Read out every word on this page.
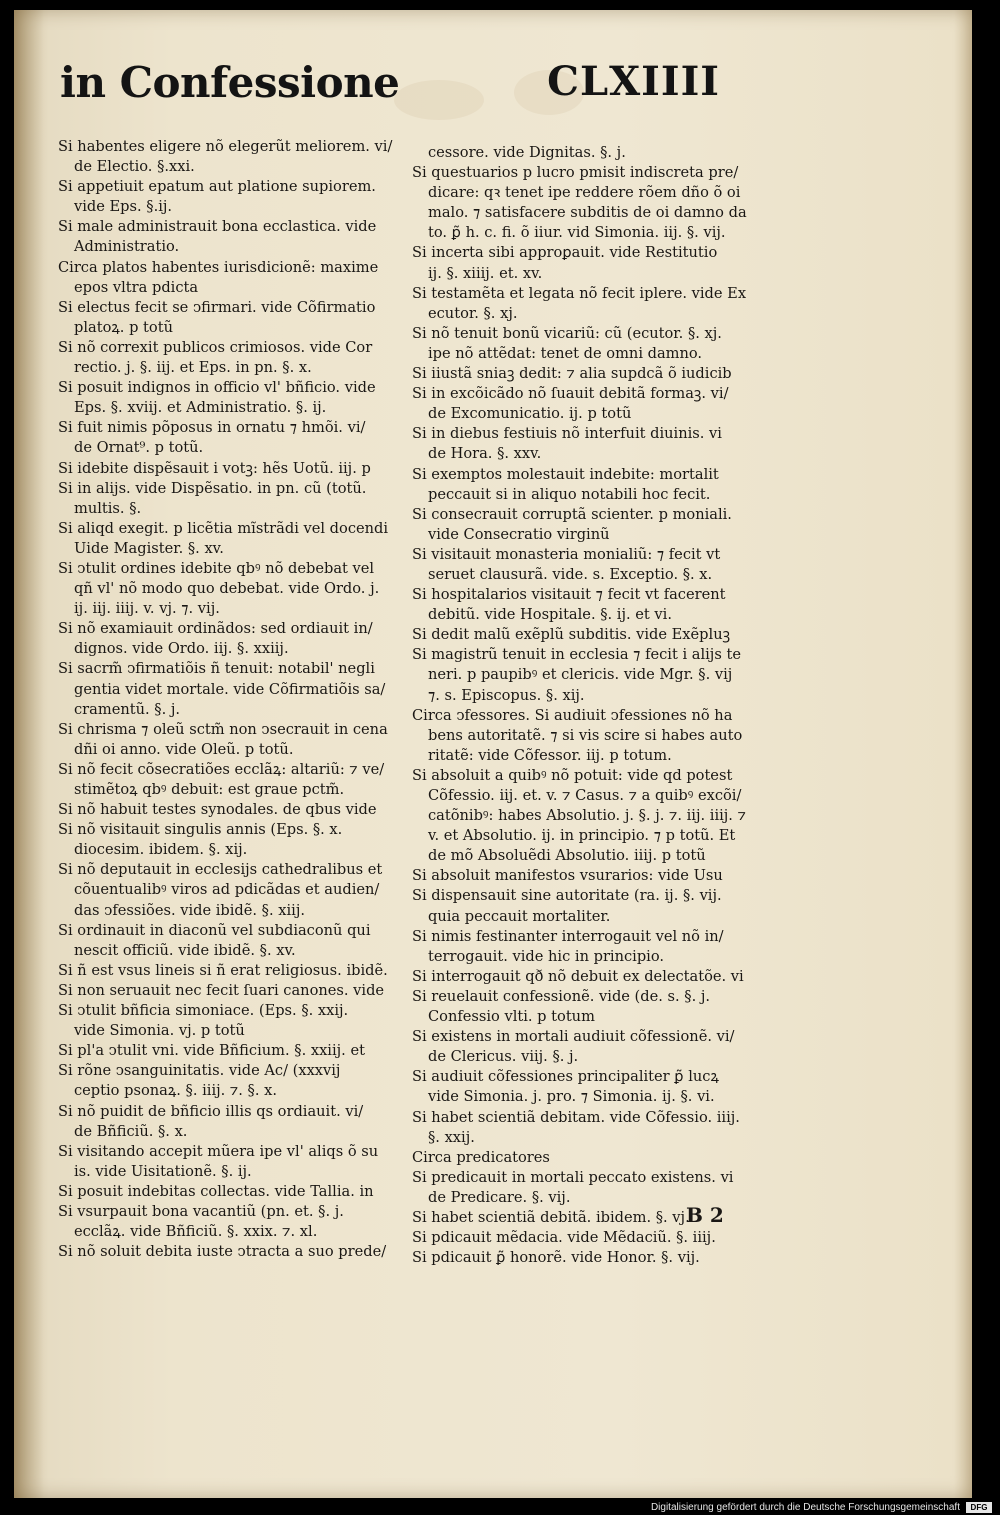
in Confessione	CLXIIII
Si habentes eligere nõ elegerũt meliorem. vi/
de Electio. §.xxi.
Si appetiuit epatum aut platione supiorem.
vide Eps. §.ij.
Si male administrauit bona ecclastica. vide
Administratio.
Circa platos habentes iurisdicionẽ: maxime
epos vltra pdicta
Si electus fecit se ↄfirmari. vide Cõfirmatio
platoꝝ. p totũ
Si nõ correxit publicos crimiosos. vide Cor
rectio. j. §. iij. et Eps. in pn. §. x.
Si posuit indignos in officio vl' bñficio. vide
Eps. §. xviij. et Administratio. §. ij.
Si fuit nimis põposus in ornatu ⁊ hmõi. vi/
de Ornat⁹. p totũ.
Si idebite dispẽsauit i votꝫ: hẽs Uotũ. iij. p
Si in alijs. vide Dispẽsatio. in pn. cũ (totũ.
multis. §.
Si aliqd exegit. p licẽtia mĩstrãdi vel docendi
Uide Magister. §. xv.
Si ↄtulit ordines idebite qbꝰ nõ debebat vel
qñ vl' nõ modo quo debebat. vide Ordo. j.
ij. iij. iiij. v. vj. ⁊. vij.
Si nõ examiauit ordinãdos: sed ordiauit in/
dignos. vide Ordo. iij. §. xxiij.
Si sacrm̃ ↄfirmatiõis ñ tenuit: notabil' negli
gentia videt mortale. vide Cõfirmatiõis sa/
cramentũ. §. j.
Si chrisma ⁊ oleũ sctm̃ non ↄsecrauit in cena
dñi oi anno. vide Oleũ. p totũ.
Si nõ fecit cõsecratiões ecclãꝝ: altariũ: ⁊ ve/
stimẽtoꝝ qbꝰ debuit: est graue pctm̃.
Si nõ habuit testes synodales. de qbus vide
Si nõ visitauit singulis annis (Eps. §. x.
diocesim. ibidem. §. xij.
Si nõ deputauit in ecclesijs cathedralibus et
cõuentualibꝰ viros ad pdicãdas et audien/
das ↄfessiões. vide ibidẽ. §. xiij.
Si ordinauit in diaconũ vel subdiaconũ qui
nescit officiũ. vide ibidẽ. §. xv.
Si ñ est vsus lineis si ñ erat religiosus. ibidẽ.
Si non seruauit nec fecit ſuari canones. vide
Si ↄtulit bñficia simoniace. (Eps. §. xxij.
vide Simonia. vj. p totũ
Si pl'a ↄtulit vni. vide Bñficium. §. xxiij. et
Si rõne ↄsanguinitatis. vide Ac/ (xxxvij
ceptio psonaꝝ. §. iiij. ⁊. §. x.
Si nõ puidit de bñficio illis qs ordiauit. vi/
de Bñficiũ. §. x.
Si visitando accepit mũera ipe vl' aliqs õ su
is. vide Uisitationẽ. §. ij.
Si posuit indebitas collectas. vide Tallia. in
Si vsurpauit bona vacantiũ (pn. et. §. j.
ecclãꝝ. vide Bñficiũ. §. xxix. ⁊. xl.
Si nõ soluit debita iuste ↄtracta a suo prede/
cessore. vide Dignitas. §. j.
Si questuarios p lucro pmisit indiscreta pre/
dicare: qꝛ tenet ipe reddere rõem dño õ oi
malo. ⁊ satisfacere subditis de oi damno da
to. ꝑ̃ h. c. fi. õ iiur. vid Simonia. iij. §. vij.
Si incerta sibi approꝑauit. vide Restitutio
ij. §. xiiij. et. xv.
Si testamẽta et legata nõ fecit iplere. vide Ex
ecutor. §. xj.
Si nõ tenuit bonũ vicariũ: cũ (ecutor. §. xj.
ipe nõ attẽdat: tenet de omni damno.
Si iiustã sniaꝫ dedit: ⁊ alia supdcã õ iudicib
Si in excõicãdo nõ ſuauit debitã formaꝫ. vi/
de Excomunicatio. ij. p totũ
Si in diebus festiuis nõ interfuit diuinis. vi
de Hora. §. xxv.
Si exemptos molestauit indebite: mortalit
peccauit si in aliquo notabili hoc fecit.
Si consecrauit corruptã scienter. p moniali.
vide Consecratio virginũ
Si visitauit monasteria monialiũ: ⁊ fecit vt
seruet clausurã. vide. s. Exceptio. §. x.
Si hospitalarios visitauit ⁊ fecit vt facerent
debitũ. vide Hospitale. §. ij. et vi.
Si dedit malũ exẽplũ subditis. vide Exẽpluꝫ
Si magistrũ tenuit in ecclesia ⁊ fecit i alijs te
neri. p paupibꝰ et clericis. vide Mgr. §. vij
⁊. s. Episcopus. §. xij.
Circa ↄfessores. Si audiuit ↄfessiones nõ ha
bens autoritatẽ. ⁊ si vis scire si habes auto
ritatẽ: vide Cõfessor. iij. p totum.
Si absoluit a quibꝰ nõ potuit: vide qd potest
Cõfessio. iij. et. v. ⁊ Casus. ⁊ a quibꝰ excõi/
catõnibꝰ: habes Absolutio. j. §. j. ⁊. iij. iiij. ⁊
v. et Absolutio. ij. in principio. ⁊ p totũ. Et
de mõ Absoluẽdi Absolutio. iiij. p totũ
Si absoluit manifestos vsurarios: vide Usu
Si dispensauit sine autoritate (ra. ij. §. vij.
quia peccauit mortaliter.
Si nimis festinanter interrogauit vel nõ in/
terrogauit. vide hic in principio.
Si interrogauit qð nõ debuit ex delectatõe. vi
Si reuelauit confessionẽ. vide (de. s. §. j.
Confessio vlti. p totum
Si existens in mortali audiuit cõfessionẽ. vi/
de Clericus. viij. §. j.
Si audiuit cõfessiones principaliter ꝑ̃ lucꝝ
vide Simonia. j. pro. ⁊ Simonia. ij. §. vi.
Si habet scientiã debitam. vide Cõfessio. iiij.
§. xxij.
Circa predicatores
Si predicauit in mortali peccato existens. vi
de Predicare. §. vij.
Si habet scientiã debitã. ibidem. §. vj.
Si pdicauit mẽdacia. vide Mẽdaciũ. §. iiij.
Si pdicauit ꝑ̃ honorẽ. vide Honor. §. vij.
B 2
Digitalisierung gefördert durch die Deutsche Forschungsgemeinschaft	DFG
